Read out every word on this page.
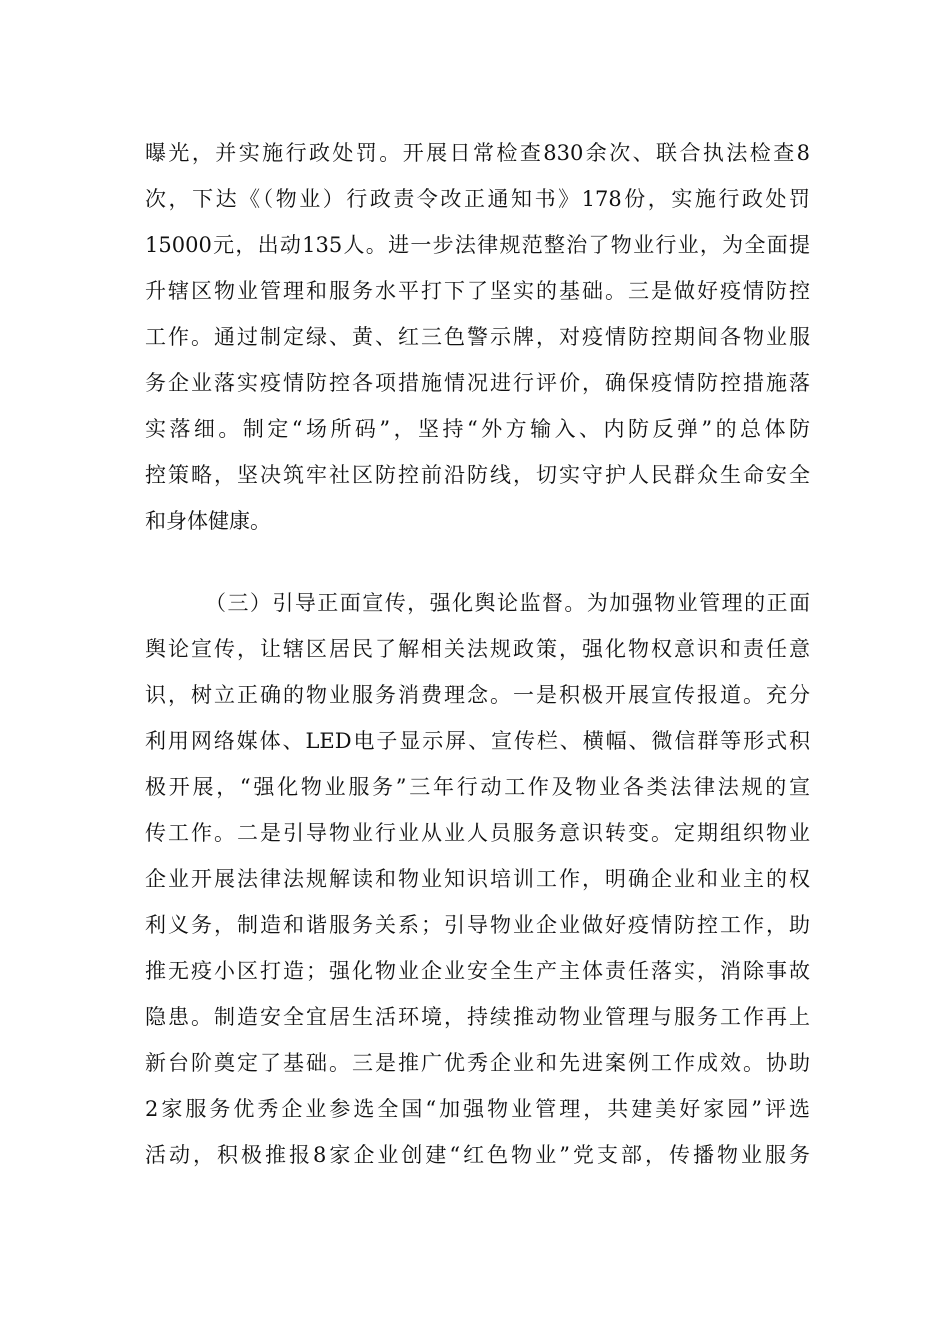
曝光，并实施行政处罚。开展日常检查830余次、联合执法检查8
次，下达《（物业）行政责令改正通知书》178份，实施行政处罚
15000元，出动135人。进一步法律规范整治了物业行业，为全面提
升辖区物业管理和服务水平打下了坚实的基础。三是做好疫情防控
工作。通过制定绿、黄、红三色警示牌，对疫情防控期间各物业服
务企业落实疫情防控各项措施情况进行评价，确保疫情防控措施落
实落细。制定“场所码”，坚持“外方输入、内防反弹”的总体防
控策略，坚决筑牢社区防控前沿防线，切实守护人民群众生命安全
和身体健康。
（三）引导正面宣传，强化舆论监督。为加强物业管理的正面
舆论宣传，让辖区居民了解相关法规政策，强化物权意识和责任意
识，树立正确的物业服务消费理念。一是积极开展宣传报道。充分
利用网络媒体、LED电子显示屏、宣传栏、横幅、微信群等形式积
极开展，“强化物业服务”三年行动工作及物业各类法律法规的宣
传工作。二是引导物业行业从业人员服务意识转变。定期组织物业
企业开展法律法规解读和物业知识培训工作，明确企业和业主的权
利义务，制造和谐服务关系；引导物业企业做好疫情防控工作，助
推无疫小区打造；强化物业企业安全生产主体责任落实，消除事故
隐患。制造安全宜居生活环境，持续推动物业管理与服务工作再上
新台阶奠定了基础。三是推广优秀企业和先进案例工作成效。协助
2家服务优秀企业参选全国“加强物业管理，共建美好家园”评选
活动，积极推报8家企业创建“红色物业”党支部，传播物业服务
